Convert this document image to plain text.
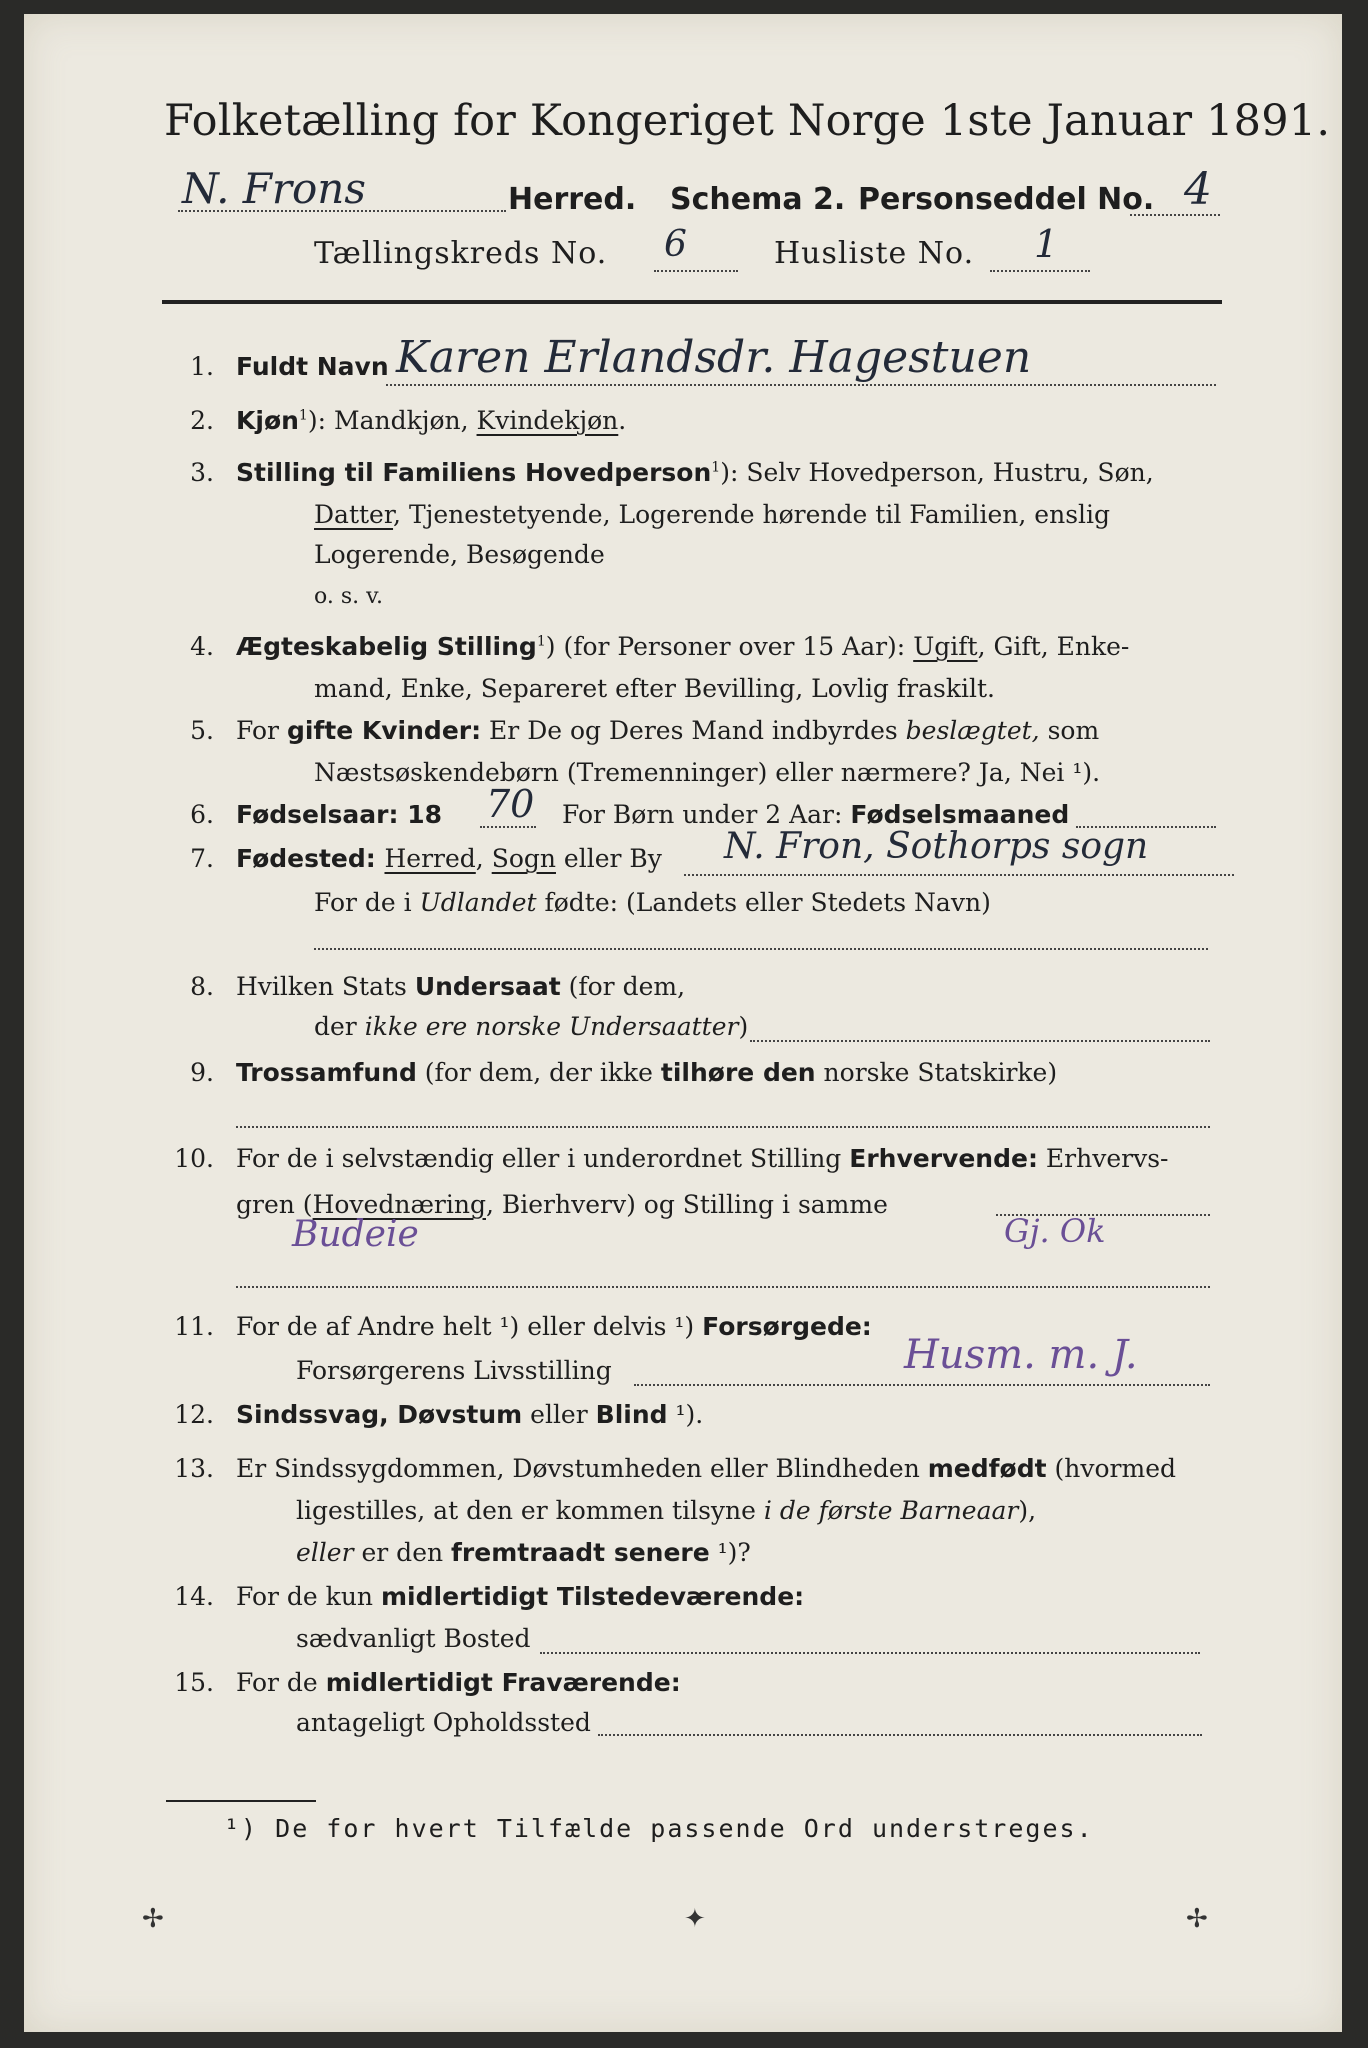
Folketælling for Kongeriget Norge 1ste Januar 1891.
N. Frons	Herred. Schema 2. Personseddel No. 4
Tællingskreds No. 6	Husliste No. 1
1. Fuldt Navn Karen Erlandsdr. Hagestuen
2. Kjøn$^1$): Mandkjøn, Kvindekjøn.
3. Stilling til Familiens Hovedperson$^1$): Selv Hovedperson, Hustru, Søn,
Datter, Tjenestetyende, Logerende hørende til Familien, enslig
Logerende, Besøgende
o. s. v.
4. Ægteskabelig Stilling$^1$) (for Personer over 15 Aar): Ugift, Gift, Enke-
mand, Enke, Separeret efter Bevilling, Lovlig fraskilt.
5. For gifte Kvinder: Er De og Deres Mand indbyrdes beslægtet, som
Næstsøskendebørn (Tremenninger) eller nærmere? Ja, Nei ¹).
6. Fødselsaar: 18 70 For Børn under 2 Aar: Fødselsmaaned
7. Fødested: Herred, Sogn eller By N. Fron, Sothorps sogn
For de i Udlandet fødte: (Landets eller Stedets Navn)
8. Hvilken Stats Undersaat (for dem,
der ikke ere norske Undersaatter)
9. Trossamfund (for dem, der ikke tilhøre den norske Statskirke)
10. For de i selvstændig eller i underordnet Stilling Erhvervende: Erhvervs-
gren (Hovednæring, Bierhverv) og Stilling i samme
Budeie	Gj. Ok
11. For de af Andre helt ¹) eller delvis ¹) Forsørgede:
Forsørgerens Livsstilling	Husm. m. J.
12. Sindssvag, Døvstum eller Blind ¹).
13. Er Sindssygdommen, Døvstumheden eller Blindheden medfødt (hvormed
ligestilles, at den er kommen tilsyne i de første Barneaar),
eller er den fremtraadt senere ¹)?
14. For de kun midlertidigt Tilstedeværende:
sædvanligt Bosted
15. For de midlertidigt Fraværende:
antageligt Opholdssted
¹) De for hvert Tilfælde passende Ord understreges.
✢	✦	✢
